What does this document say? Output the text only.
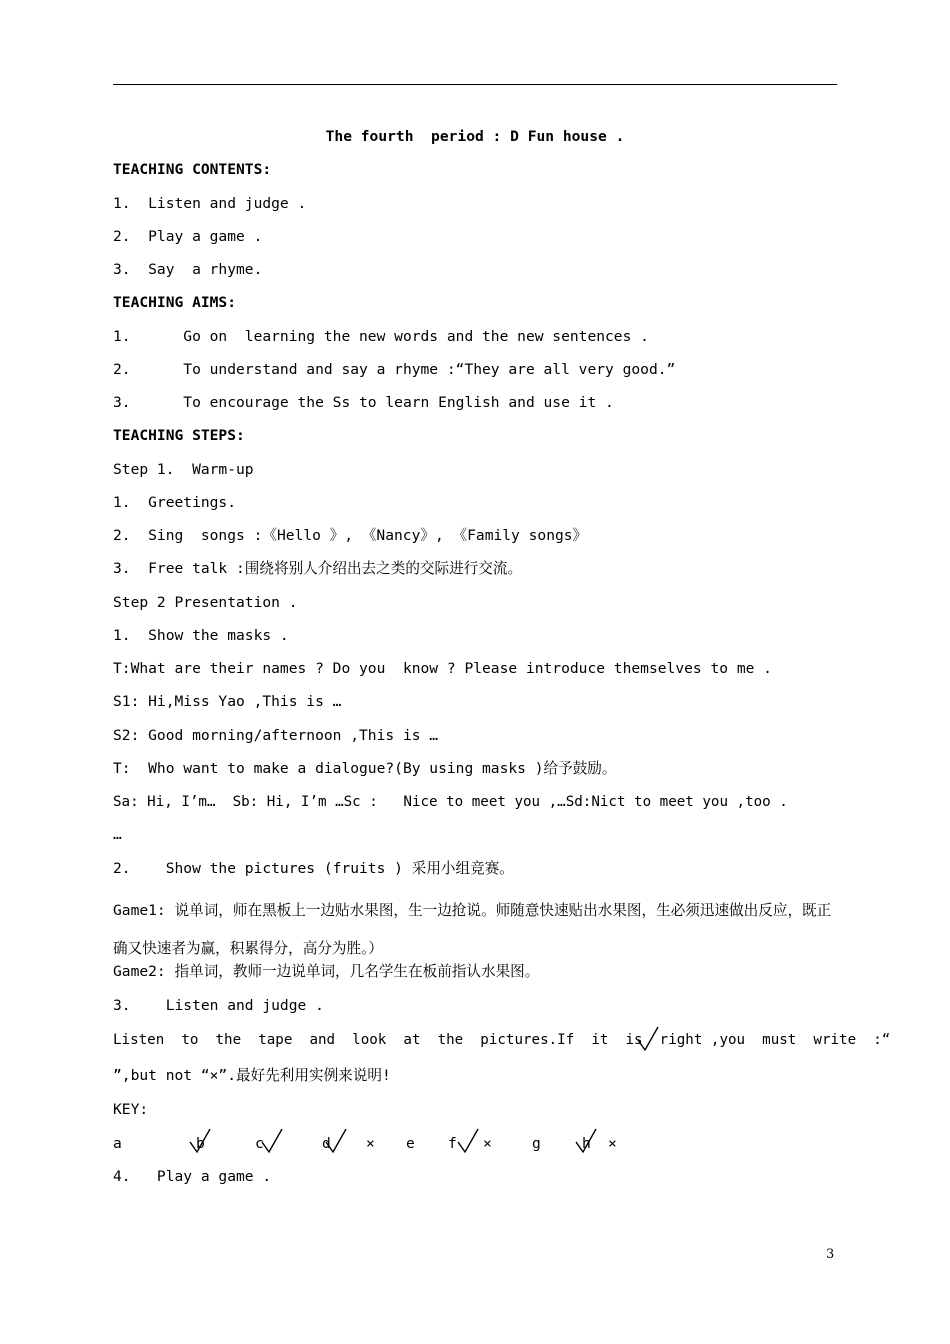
The fourth  period : D Fun house .
TEACHING CONTENTS:
1.  Listen and judge .
2.  Play a game .
3.  Say  a rhyme.
TEACHING AIMS:
1.      Go on  learning the new words and the new sentences .
2.      To understand and say a rhyme :“They are all very good.”
3.      To encourage the Ss to learn English and use it .
TEACHING STEPS:
Step 1.  Warm-up
1.  Greetings.
2.  Sing  songs :《Hello 》, 《Nancy》, 《Family songs》
3.  Free talk :围绕将别人介绍出去之类的交际进行交流。
Step 2 Presentation .
1.  Show the masks .
T:What are their names ? Do you  know ? Please introduce themselves to me .
S1: Hi,Miss Yao ,This is …
S2: Good morning/afternoon ,This is …
T:  Who want to make a dialogue?(By using masks )给予鼓励。
Sa: Hi, I’m…  Sb: Hi, I’m …Sc :   Nice to meet you ,…Sd:Nict to meet you ,too .
…
2.    Show the pictures (fruits ) 采用小组竞赛。
Game1: 说单词，师在黑板上一边贴水果图，生一边抢说。师随意快速贴出水果图，生必须迅速做出反应，既正确又快速者为赢，积累得分，高分为胜。）
Game2: 指单词，教师一边说单词，几名学生在板前指认水果图。
3.    Listen and judge .
Listen  to  the  tape  and  look  at  the  pictures.If  it  is  right ,you  must  write  :“
”,but not “×”.最好先利用实例来说明!
KEY:
a	b	c	d × e f ×	g	h ×
4.   Play a game .
3
